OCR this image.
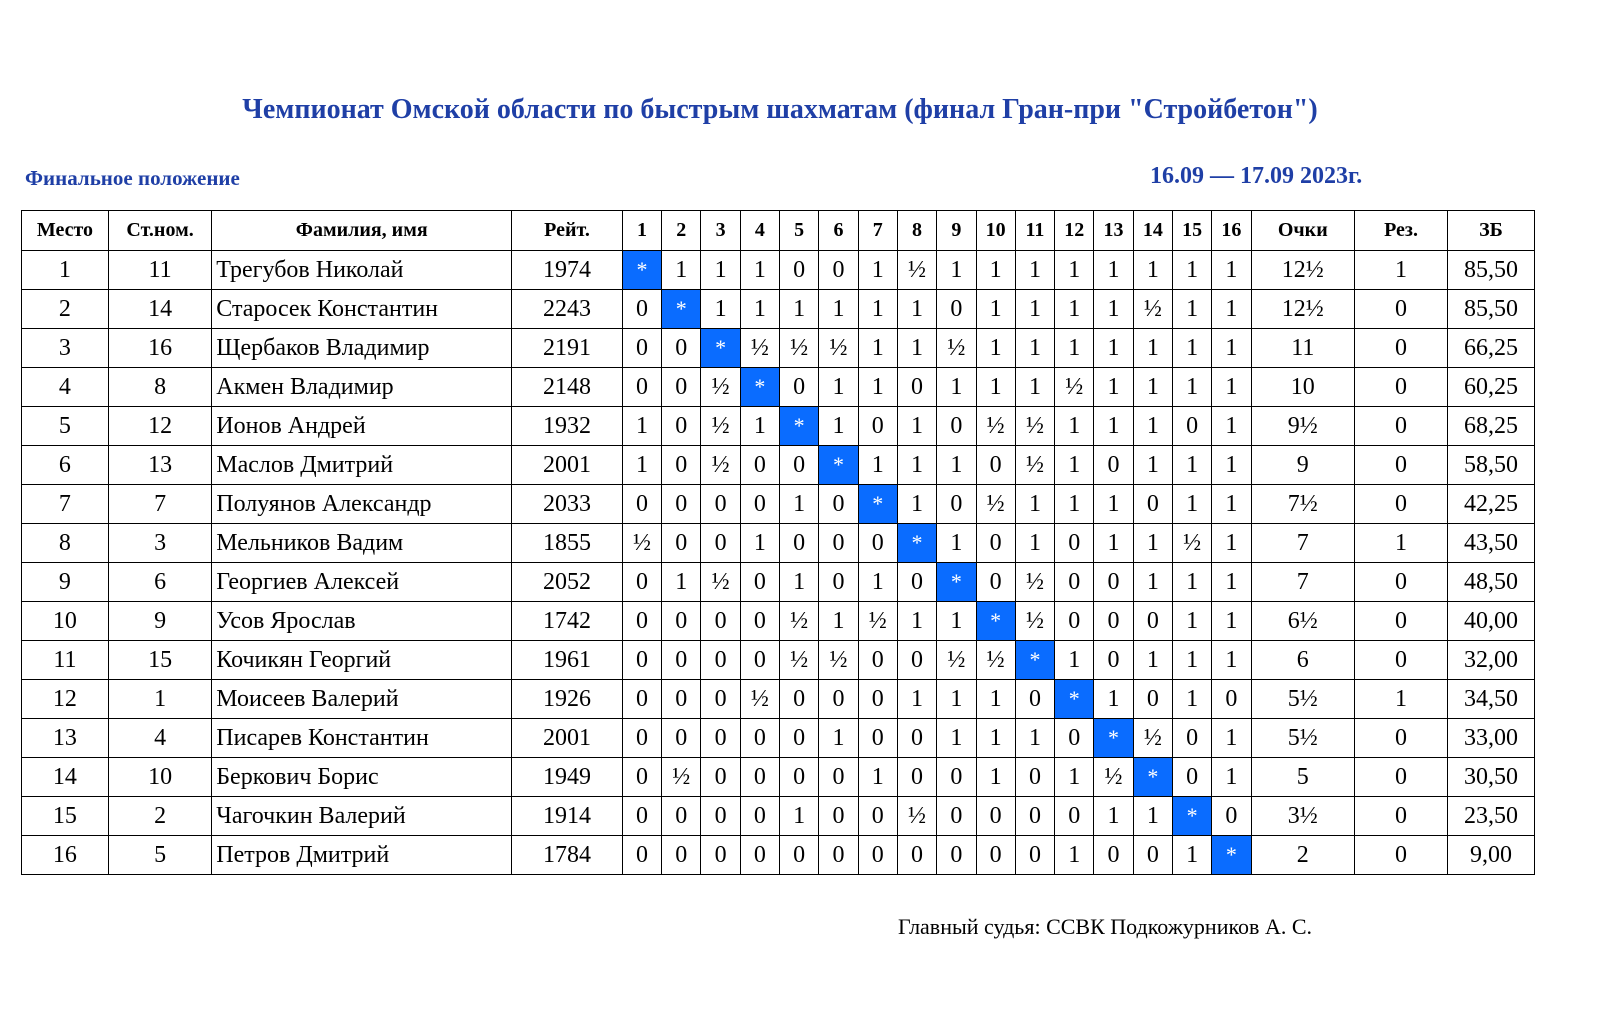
Чемпионат Омской области по быстрым шахматам (финал Гран-при "Стройбетон")
Финальное положение	16.09 — 17.09 2023г.
Место	Ст.ном.	Фамилия, имя	Рейт.	1	2	3	4	5	6	7	8	9	10	11	12	13	14	15	16	Очки	Рез.	ЗБ
1	11	Трегубов Николай	1974	*	1	1	1	0	0	1	½	1	1	1	1	1	1	1	1	12½	1	85,50
2	14	Старосек Константин	2243	0	*	1	1	1	1	1	1	0	1	1	1	1	½	1	1	12½	0	85,50
3	16	Щербаков Владимир	2191	0	0	*	½	½	½	1	1	½	1	1	1	1	1	1	1	11	0	66,25
4	8	Акмен Владимир	2148	0	0	½	*	0	1	1	0	1	1	1	½	1	1	1	1	10	0	60,25
5	12	Ионов Андрей	1932	1	0	½	1	*	1	0	1	0	½	½	1	1	1	0	1	9½	0	68,25
6	13	Маслов Дмитрий	2001	1	0	½	0	0	*	1	1	1	0	½	1	0	1	1	1	9	0	58,50
7	7	Полуянов Александр	2033	0	0	0	0	1	0	*	1	0	½	1	1	1	0	1	1	7½	0	42,25
8	3	Мельников Вадим	1855	½	0	0	1	0	0	0	*	1	0	1	0	1	1	½	1	7	1	43,50
9	6	Георгиев Алексей	2052	0	1	½	0	1	0	1	0	*	0	½	0	0	1	1	1	7	0	48,50
10	9	Усов Ярослав	1742	0	0	0	0	½	1	½	1	1	*	½	0	0	0	1	1	6½	0	40,00
11	15	Кочикян Георгий	1961	0	0	0	0	½	½	0	0	½	½	*	1	0	1	1	1	6	0	32,00
12	1	Моисеев Валерий	1926	0	0	0	½	0	0	0	1	1	1	0	*	1	0	1	0	5½	1	34,50
13	4	Писарев Константин	2001	0	0	0	0	0	1	0	0	1	1	1	0	*	½	0	1	5½	0	33,00
14	10	Беркович Борис	1949	0	½	0	0	0	0	1	0	0	1	0	1	½	*	0	1	5	0	30,50
15	2	Чагочкин Валерий	1914	0	0	0	0	1	0	0	½	0	0	0	0	1	1	*	0	3½	0	23,50
16	5	Петров Дмитрий	1784	0	0	0	0	0	0	0	0	0	0	0	1	0	0	1	*	2	0	9,00
Главный судья: ССВК Подкожурников А. С.
